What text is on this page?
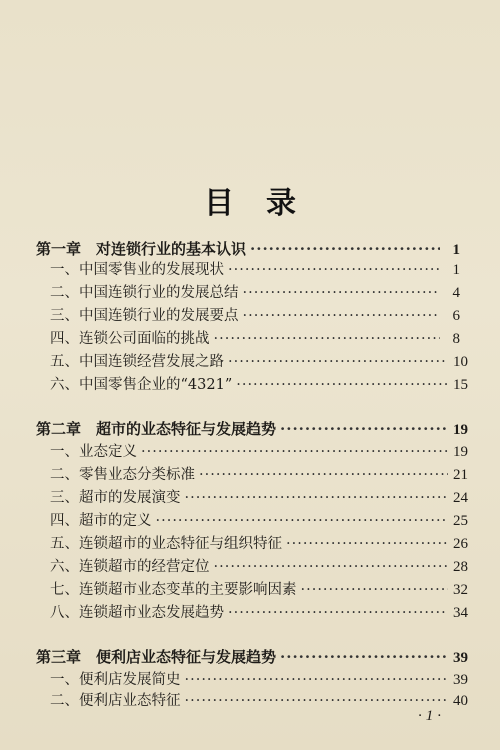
目录
第一章　对连锁行业的基本认识 ·····	1
一、中国零售业的发展现状 ·····	1
二、中国连锁行业的发展总结 ·····	4
三、中国连锁行业的发展要点 ·····	6
四、连锁公司面临的挑战 ·····	8
五、中国连锁经营发展之路 ·····	10
六、中国零售企业的“4321” ·····	15
第二章　超市的业态特征与发展趋势 ·····	19
一、业态定义 ·····	19
二、零售业态分类标准 ·····	21
三、超市的发展演变 ·····	24
四、超市的定义 ·····	25
五、连锁超市的业态特征与组织特征 ·····	26
六、连锁超市的经营定位 ·····	28
七、连锁超市业态变革的主要影响因素 ·····	32
八、连锁超市业态发展趋势 ·····	34
第三章　便利店业态特征与发展趋势 ·····	39
一、便利店发展简史 ·····	39
二、便利店业态特征 ·····	40
·1·
